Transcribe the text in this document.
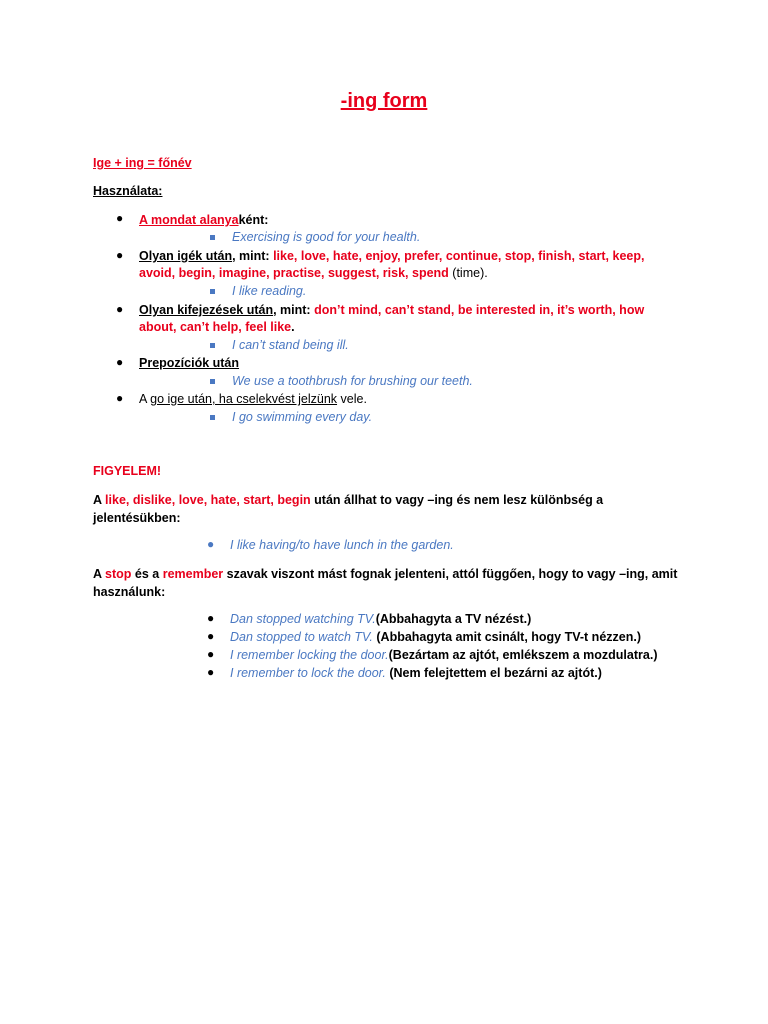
-ing form
Ige + ing = főnév
Használata:
● A mondat alanyaként:
Exercising is good for your health.
● Olyan igék után, mint: like, love, hate, enjoy, prefer, continue, stop, finish, start, keep,
avoid, begin, imagine, practise, suggest, risk, spend (time).
I like reading.
● Olyan kifejezések után, mint: don’t mind, can’t stand, be interested in, it’s worth, how
about, can’t help, feel like.
I can’t stand being ill.
● Prepozíciók után
We use a toothbrush for brushing our teeth.
● A go ige után, ha cselekvést jelzünk vele.
I go swimming every day.
FIGYELEM!
A like, dislike, love, hate, start, begin után állhat to vagy –ing és nem lesz különbség a
jelentésükben:
● I like having/to have lunch in the garden.
A stop és a remember szavak viszont mást fognak jelenteni, attól függően, hogy to vagy –ing, amit
használunk:
● Dan stopped watching TV.(Abbahagyta a TV nézést.)
● Dan stopped to watch TV. (Abbahagyta amit csinált, hogy TV-t nézzen.)
● I remember locking the door.(Bezártam az ajtót, emlékszem a mozdulatra.)
● I remember to lock the door. (Nem felejtettem el bezárni az ajtót.)
